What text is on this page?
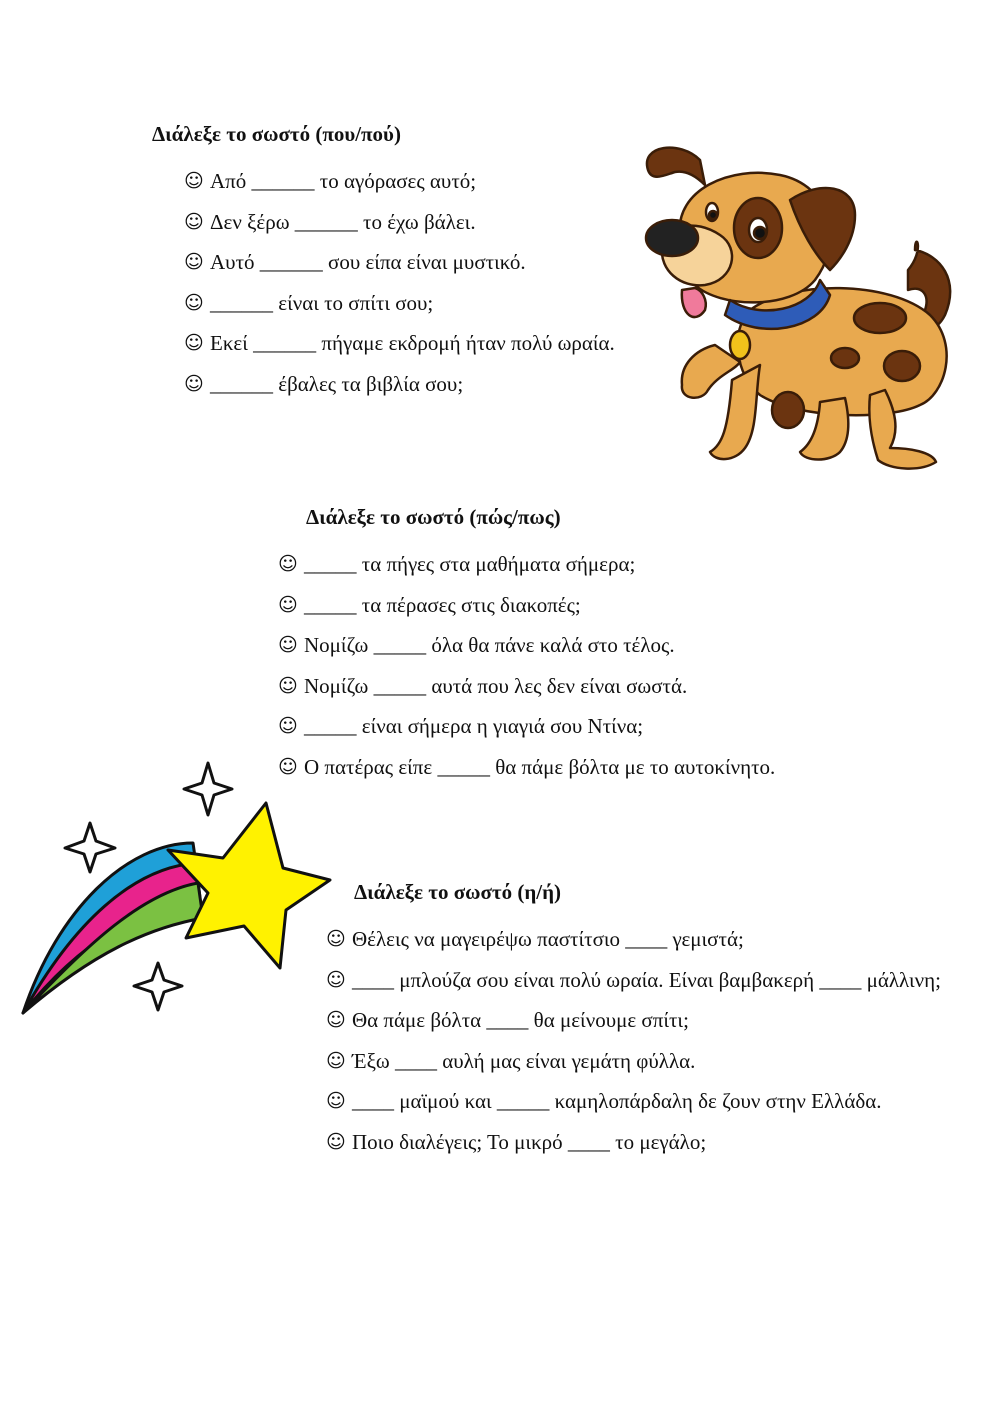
Διάλεξε το σωστό (που/πού)
☺ Από ______ το αγόρασες αυτό;
☺ Δεν ξέρω ______ το έχω βάλει.
☺ Αυτό ______ σου είπα είναι μυστικό.
☺ ______ είναι το σπίτι σου;
☺ Εκεί ______ πήγαμε εκδρομή ήταν πολύ ωραία.
☺ ______ έβαλες τα βιβλία σου;
Διάλεξε το σωστό (πώς/πως)
☺ _____ τα πήγες στα μαθήματα σήμερα;
☺ _____ τα πέρασες στις διακοπές;
☺ Νομίζω _____ όλα θα πάνε καλά στο τέλος.
☺ Νομίζω _____ αυτά που λες δεν είναι σωστά.
☺ _____ είναι σήμερα η γιαγιά σου Ντίνα;
☺ Ο πατέρας είπε _____ θα πάμε βόλτα με το αυτοκίνητο.
Διάλεξε το σωστό (η/ή)
☺ Θέλεις να μαγειρέψω παστίτσιο ____ γεμιστά;
☺ ____ μπλούζα σου είναι πολύ ωραία. Είναι βαμβακερή ____ μάλλινη;
☺ Θα πάμε βόλτα ____ θα μείνουμε σπίτι;
☺ Έξω ____ αυλή μας είναι γεμάτη φύλλα.
☺ ____ μαϊμού και _____ καμηλοπάρδαλη δε ζουν στην Ελλάδα.
☺ Ποιο διαλέγεις; Το μικρό ____ το μεγάλο;
